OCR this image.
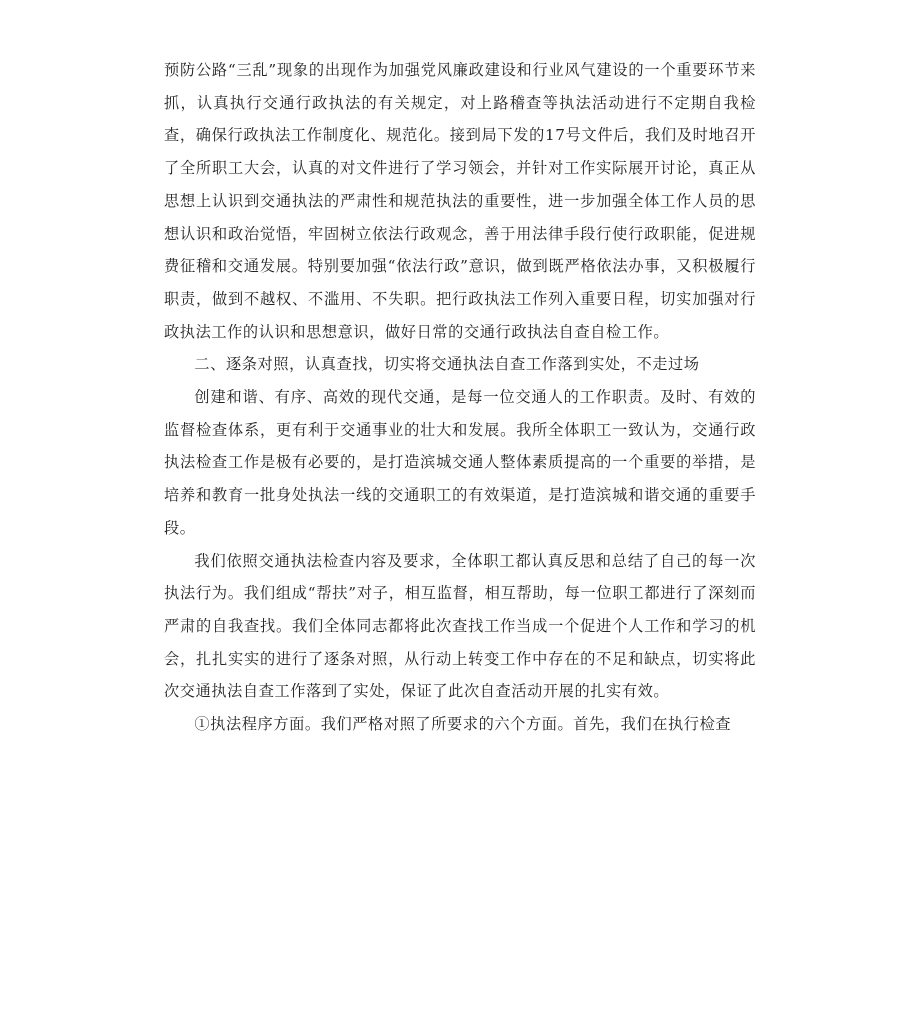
预防公路“三乱”现象的出现作为加强党风廉政建设和行业风气建设的一个重要环节来抓，认真执行交通行政执法的有关规定，对上路稽查等执法活动进行不定期自我检查，确保行政执法工作制度化、规范化。接到局下发的17号文件后，我们及时地召开了全所职工大会，认真的对文件进行了学习领会，并针对工作实际展开讨论，真正从思想上认识到交通执法的严肃性和规范执法的重要性，进一步加强全体工作人员的思想认识和政治觉悟，牢固树立依法行政观念，善于用法律手段行使行政职能，促进规费征稽和交通发展。特别要加强“依法行政”意识，做到既严格依法办事，又积极履行职责，做到不越权、不滥用、不失职。把行政执法工作列入重要日程，切实加强对行政执法工作的认识和思想意识，做好日常的交通行政执法自查自检工作。

二、逐条对照，认真查找，切实将交通执法自查工作落到实处，不走过场

创建和谐、有序、高效的现代交通，是每一位交通人的工作职责。及时、有效的监督检查体系，更有利于交通事业的壮大和发展。我所全体职工一致认为，交通行政执法检查工作是极有必要的，是打造滨城交通人整体素质提高的一个重要的举措，是培养和教育一批身处执法一线的交通职工的有效渠道，是打造滨城和谐交通的重要手段。

我们依照交通执法检查内容及要求，全体职工都认真反思和总结了自己的每一次执法行为。我们组成“帮扶”对子，相互监督，相互帮助，每一位职工都进行了深刻而严肃的自我查找。我们全体同志都将此次查找工作当成一个促进个人工作和学习的机会，扎扎实实的进行了逐条对照，从行动上转变工作中存在的不足和缺点，切实将此次交通执法自查工作落到了实处，保证了此次自查活动开展的扎实有效。

①执法程序方面。我们严格对照了所要求的六个方面。首先，我们在执行检查
